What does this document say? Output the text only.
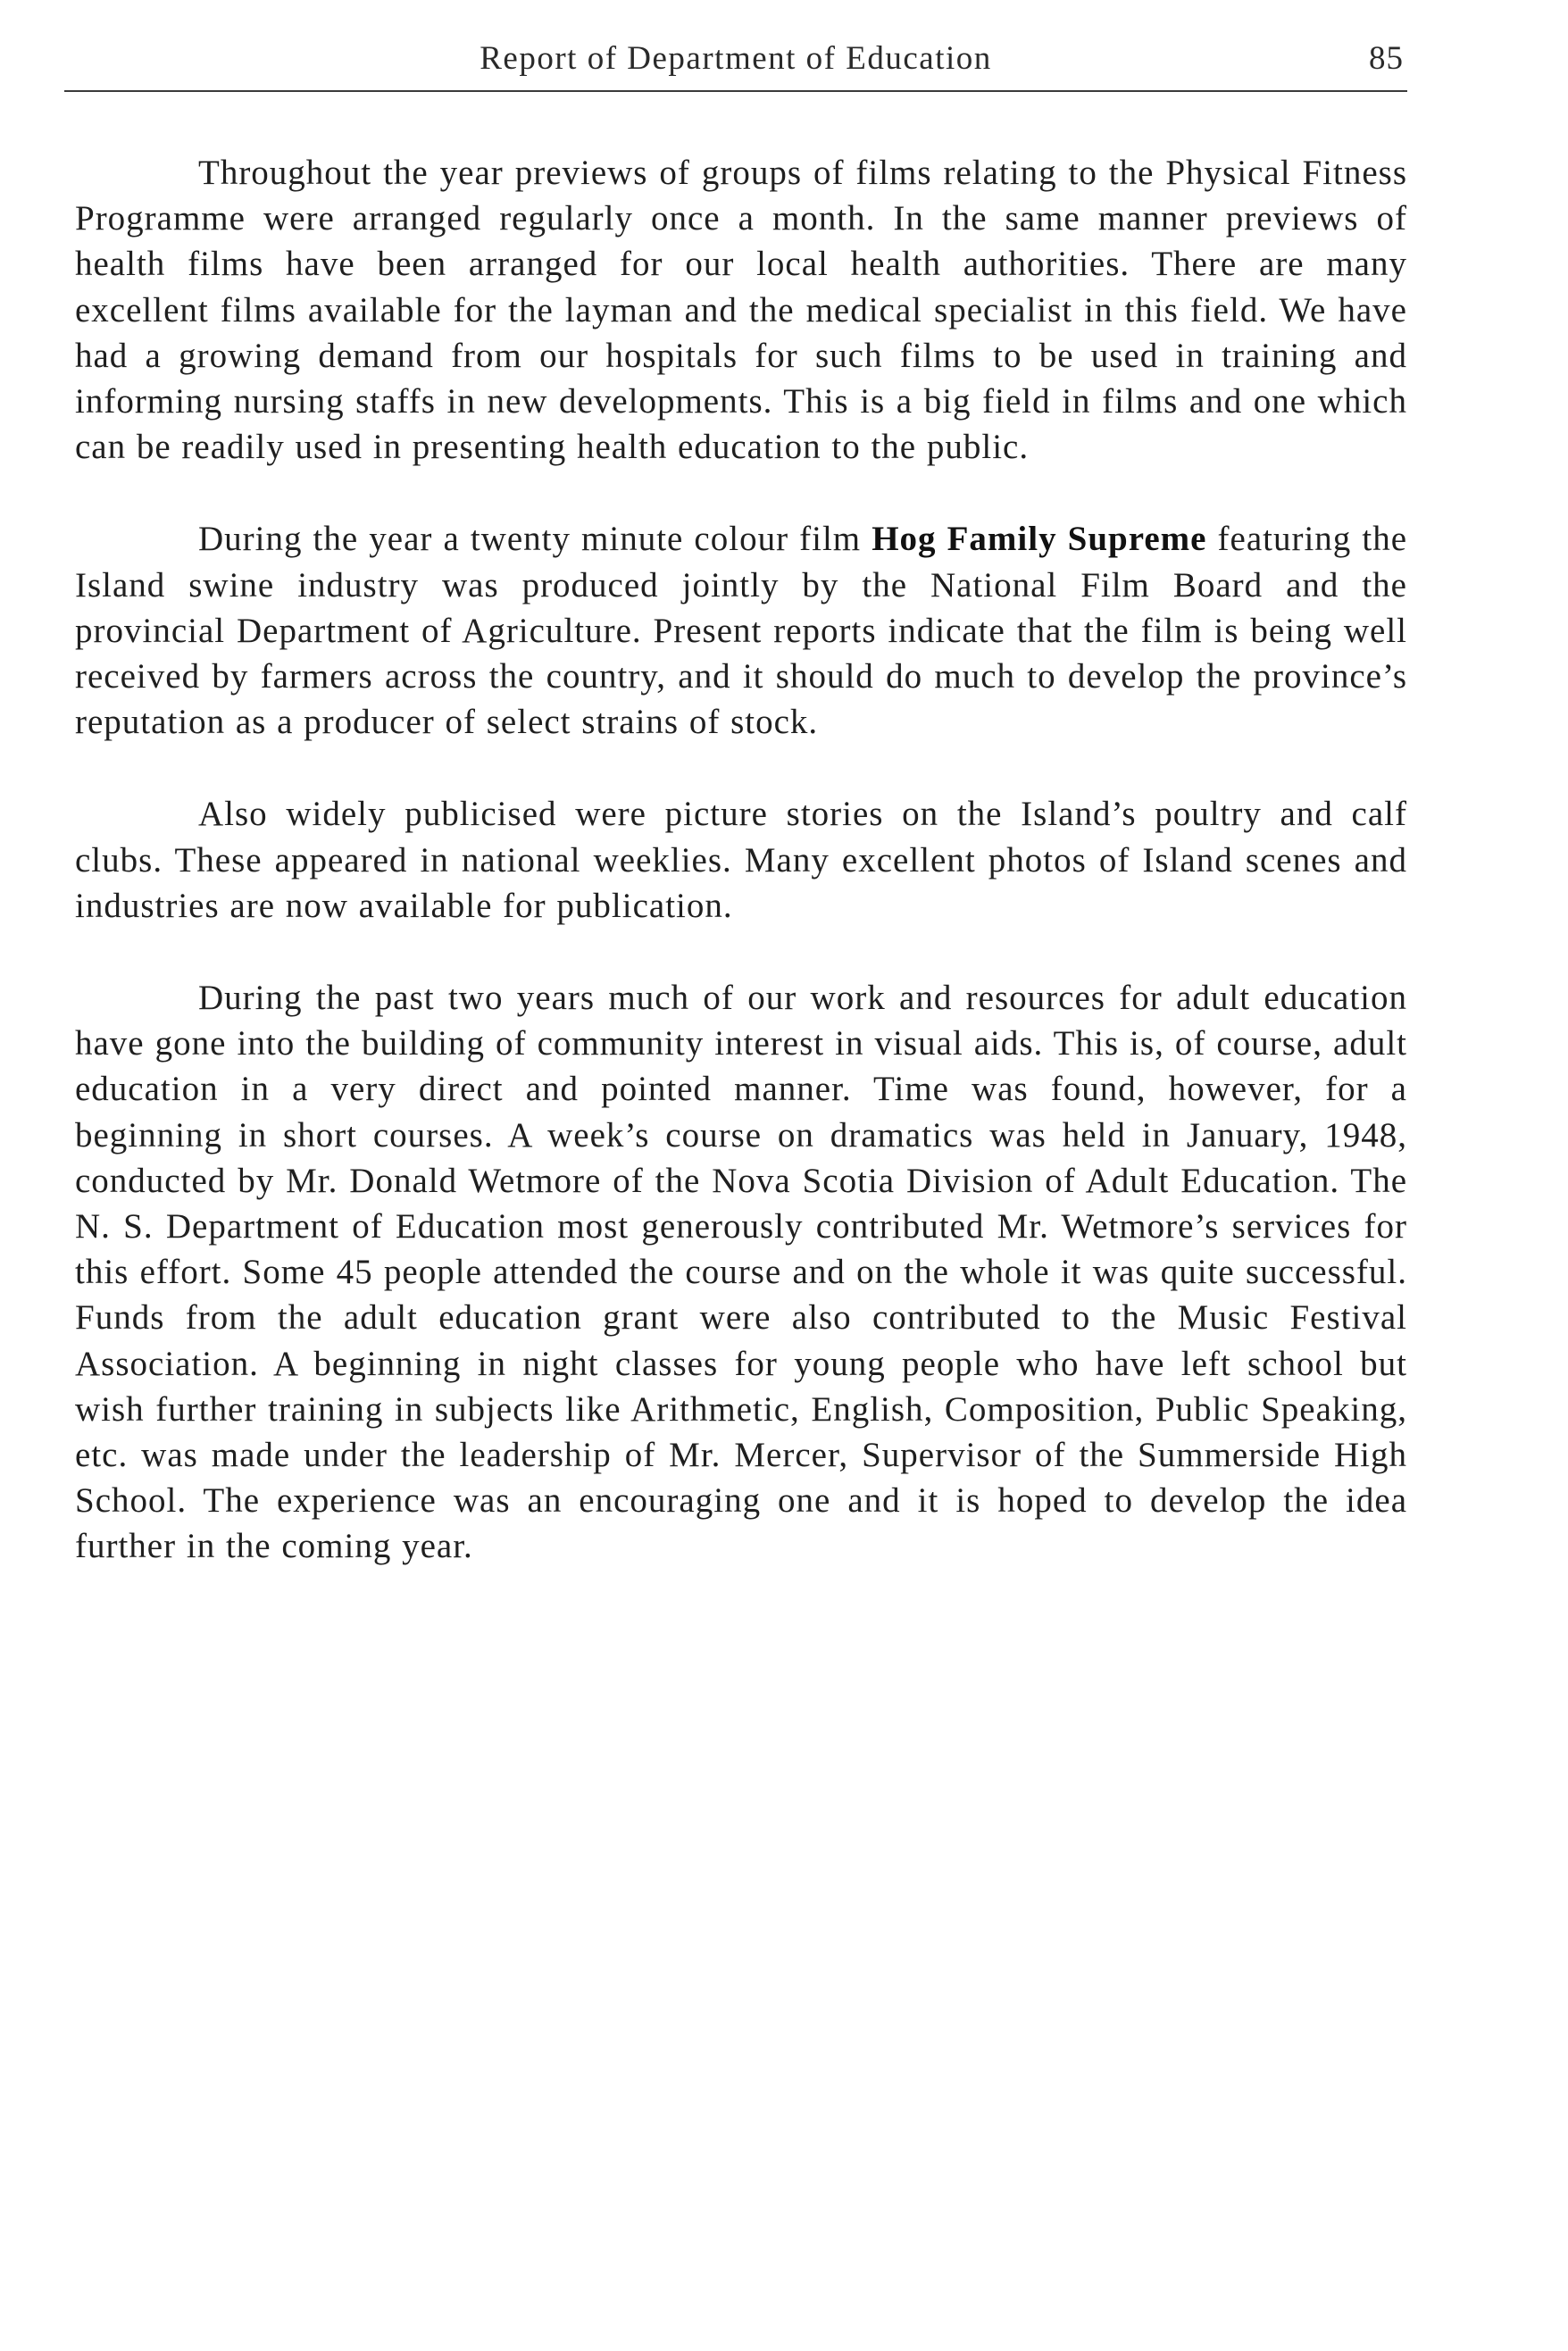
Report of Department of Education	85

Throughout the year previews of groups of films relating to the Physical Fitness Programme were arranged regularly once a month. In the same manner previews of health films have been arranged for our local health authorities. There are many excellent films available for the layman and the medical specialist in this field. We have had a growing demand from our hospitals for such films to be used in training and informing nursing staffs in new developments. This is a big field in films and one which can be readily used in presenting health education to the public.

During the year a twenty minute colour film Hog Family Supreme featuring the Island swine industry was produced jointly by the National Film Board and the provincial Department of Agriculture. Present reports indicate that the film is being well received by farmers across the country, and it should do much to develop the province’s reputation as a producer of select strains of stock.

Also widely publicised were picture stories on the Island’s poultry and calf clubs. These appeared in national weeklies. Many excellent photos of Island scenes and industries are now available for publication.

During the past two years much of our work and resources for adult education have gone into the building of community interest in visual aids. This is, of course, adult education in a very direct and pointed manner. Time was found, however, for a beginning in short courses. A week’s course on dramatics was held in January, 1948, conducted by Mr. Donald Wetmore of the Nova Scotia Division of Adult Education. The N. S. Department of Education most generously contributed Mr. Wetmore’s services for this effort. Some 45 people attended the course and on the whole it was quite successful. Funds from the adult education grant were also contributed to the Music Festival Association. A beginning in night classes for young people who have left school but wish further training in subjects like Arithmetic, English, Composition, Public Speaking, etc. was made under the leadership of Mr. Mercer, Supervisor of the Summerside High School. The experience was an encouraging one and it is hoped to develop the idea further in the coming year.
